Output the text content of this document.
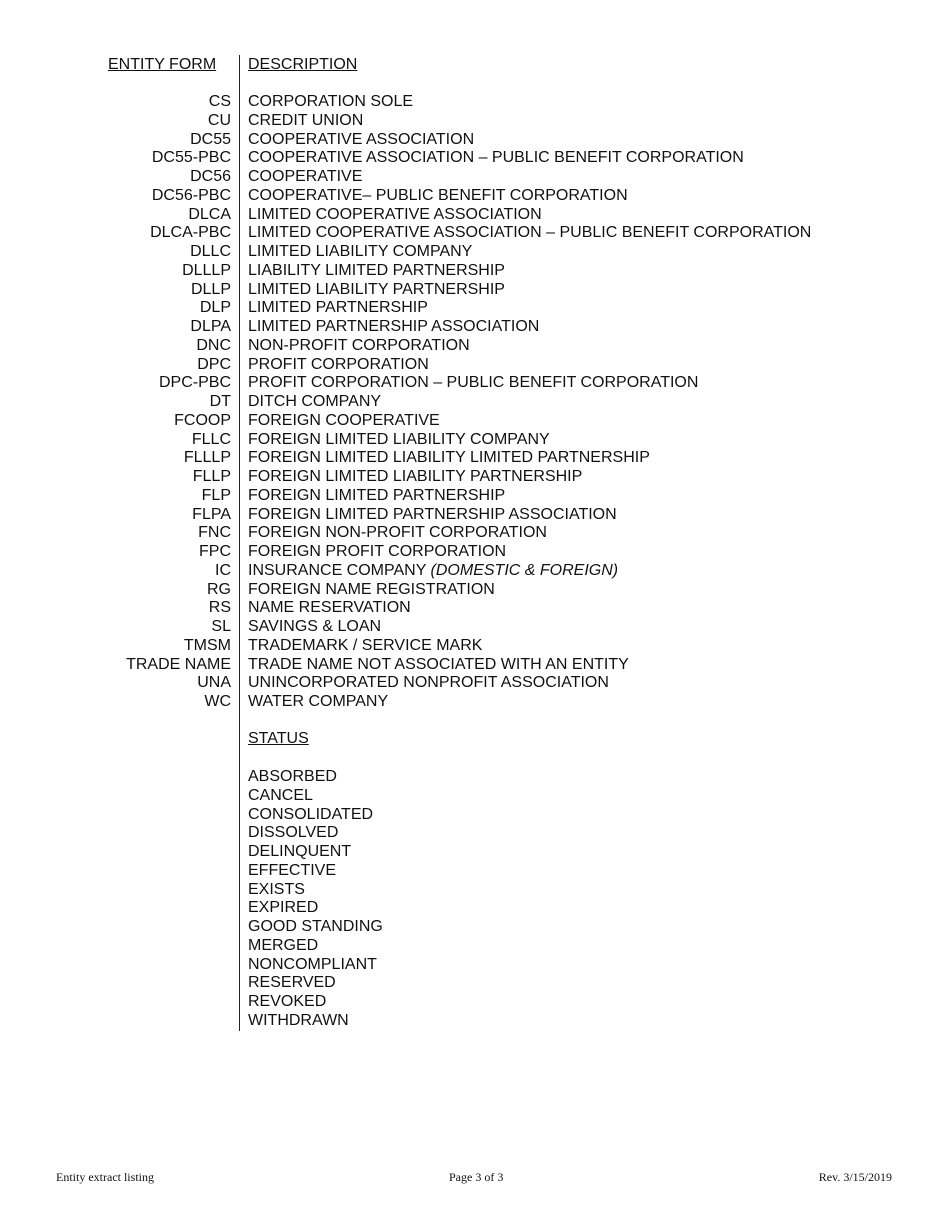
ENTITY FORM DESCRIPTION
CS
CU
DC55
DC55-PBC
DC56
DC56-PBC
DLCA
DLCA-PBC
DLLC
DLLLP
DLLP
DLP
DLPA
DNC
DPC
DPC-PBC
DT
FCOOP
FLLC
FLLLP
FLLP
FLP
FLPA
FNC
FPC
IC
RG
RS
SL
TMSM
TRADE NAME
UNA
WC
CORPORATION SOLE
CREDIT UNION
COOPERATIVE ASSOCIATION
COOPERATIVE ASSOCIATION – PUBLIC BENEFIT CORPORATION
COOPERATIVE
COOPERATIVE– PUBLIC BENEFIT CORPORATION
LIMITED COOPERATIVE ASSOCIATION
LIMITED COOPERATIVE ASSOCIATION – PUBLIC BENEFIT CORPORATION
LIMITED LIABILITY COMPANY
LIABILITY LIMITED PARTNERSHIP
LIMITED LIABILITY PARTNERSHIP
LIMITED PARTNERSHIP
LIMITED PARTNERSHIP ASSOCIATION
NON-PROFIT CORPORATION
PROFIT CORPORATION
PROFIT CORPORATION – PUBLIC BENEFIT CORPORATION
DITCH COMPANY
FOREIGN COOPERATIVE
FOREIGN LIMITED LIABILITY COMPANY
FOREIGN LIMITED LIABILITY LIMITED PARTNERSHIP
FOREIGN LIMITED LIABILITY PARTNERSHIP
FOREIGN LIMITED PARTNERSHIP
FOREIGN LIMITED PARTNERSHIP ASSOCIATION
FOREIGN NON-PROFIT CORPORATION
FOREIGN PROFIT CORPORATION
INSURANCE COMPANY (DOMESTIC & FOREIGN)
FOREIGN NAME REGISTRATION
NAME RESERVATION
SAVINGS & LOAN
TRADEMARK / SERVICE MARK
TRADE NAME NOT ASSOCIATED WITH AN ENTITY
UNINCORPORATED NONPROFIT ASSOCIATION
WATER COMPANY
STATUS
ABSORBED
CANCEL
CONSOLIDATED
DISSOLVED
DELINQUENT
EFFECTIVE
EXISTS
EXPIRED
GOOD STANDING
MERGED
NONCOMPLIANT
RESERVED
REVOKED
WITHDRAWN
Entity extract listing	Page 3 of 3	Rev. 3/15/2019
